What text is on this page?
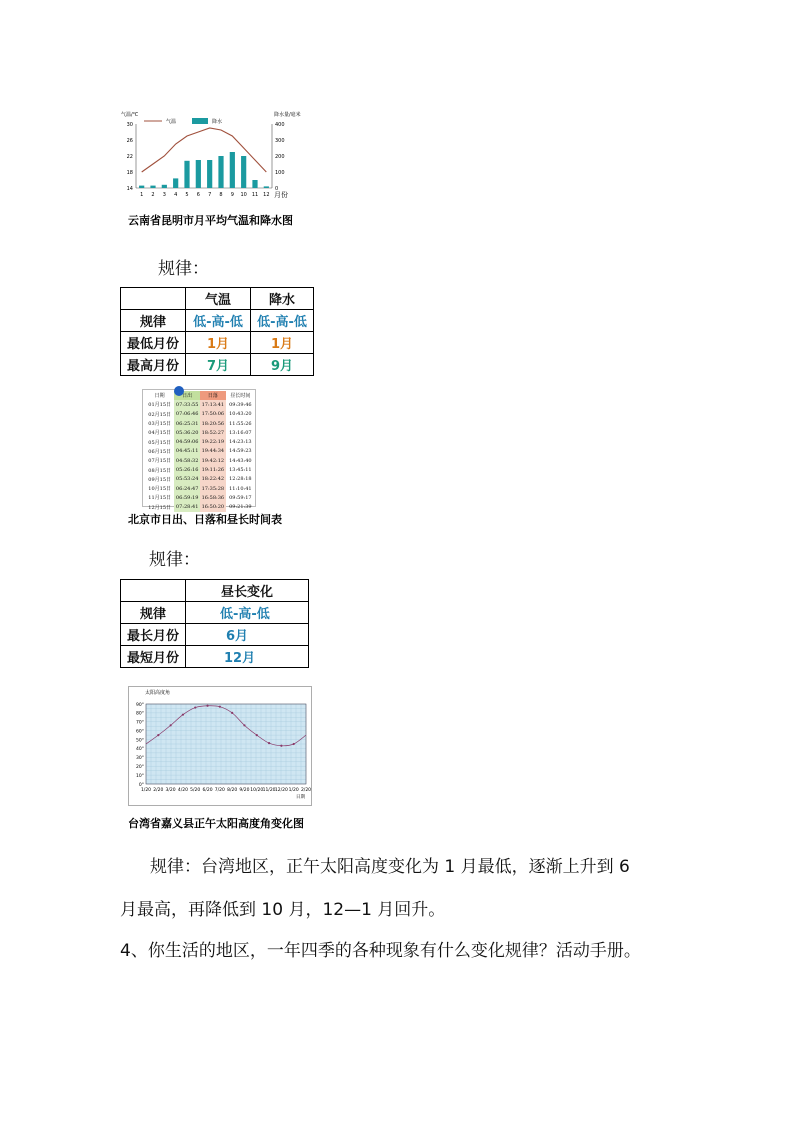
气温/℃	降水量/毫米
气温	降水
30
26
22
18
14
400
300
200
100
0
1 2 3 4 5 6 7 8 9 10 11 12 月份
云南省昆明市月平均气温和降水图
规律：
	气温	降水
规律	低-高-低	低-高-低
最低月份	1月	1月
最高月份	7月	9月
日期	日出	日落	昼长时间
01月15日	07:33:55	17:13:41	09:39:46
02月15日	07:06:46	17:50:06	10:43:20
03月15日	06:25:31	18:20:56	11:55:26
04月15日	05:36:20	18:52:27	13:16:07
05月15日	04:59:06	19:22:19	14:23:13
06月15日	04:45:11	19:44:34	14:59:23
07月15日	04:58:32	19:42:12	14:43:40
08月15日	05:26:16	19:11:26	13:45:11
09月15日	05:53:24	18:22:42	12:28:18
10月15日	06:24:47	17:35:28	11:10:41
11月15日	06:59:19	16:58:36	09:59:17
12月15日	07:28:41	16:50:20	09:21:39
北京市日出、日落和昼长时间表
规律：
	昼长变化
规律	低-高-低
最长月份	6月
最短月份	12月
太阳高度角
90°
80°
70°
60°
50°
40°
30°
20°
10°
0°
1/20 2/20 3/20 4/20 5/20 6/20 7/20 8/20 9/20 10/20 11/20 12/20 1/20 2/20
日期
台湾省嘉义县正午太阳高度角变化图
规律：台湾地区，正午太阳高度变化为 1 月最低，逐渐上升到 6
月最高，再降低到 10 月，12—1 月回升。
4、你生活的地区，一年四季的各种现象有什么变化规律？活动手册。
